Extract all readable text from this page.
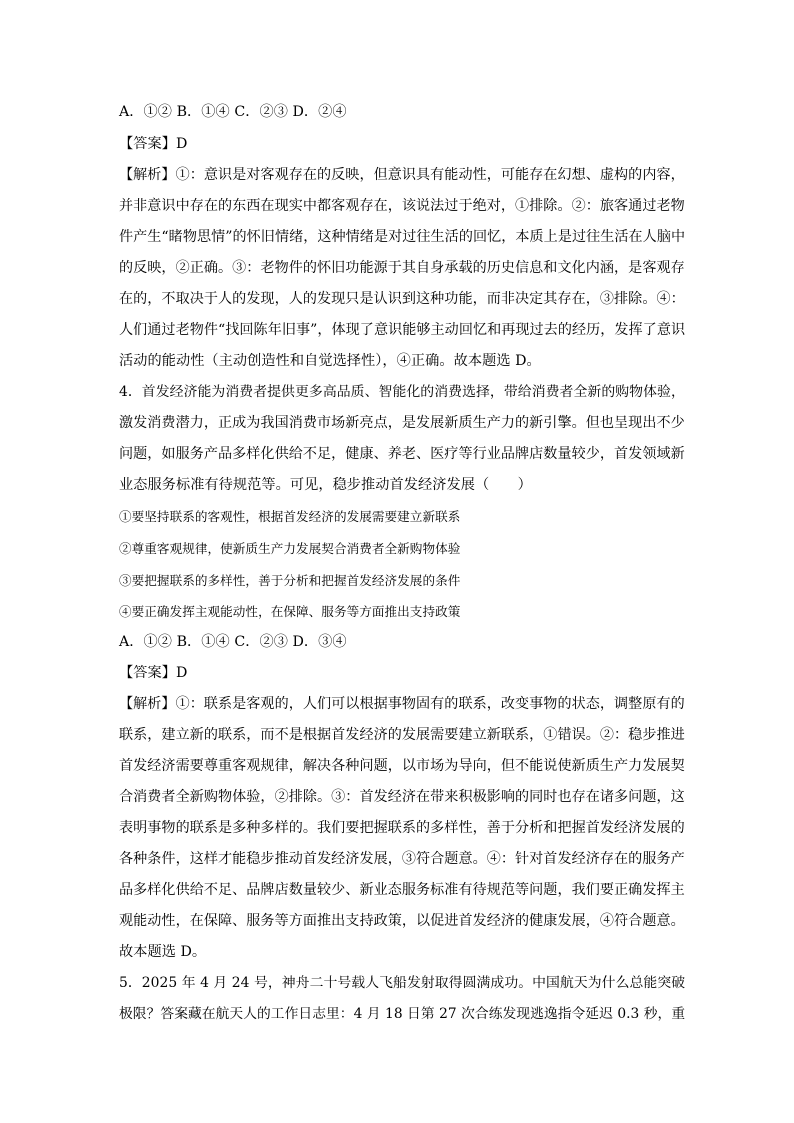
A．①② B．①④ C．②③ D．②④
【答案】D
【解析】①：意识是对客观存在的反映，但意识具有能动性，可能存在幻想、虚构的内容，
并非意识中存在的东西在现实中都客观存在，该说法过于绝对，①排除。②：旅客通过老物
件产生“睹物思情”的怀旧情绪，这种情绪是对过往生活的回忆，本质上是过往生活在人脑中
的反映，②正确。③：老物件的怀旧功能源于其自身承载的历史信息和文化内涵，是客观存
在的，不取决于人的发现，人的发现只是认识到这种功能，而非决定其存在，③排除。④：
人们通过老物件“找回陈年旧事”，体现了意识能够主动回忆和再现过去的经历，发挥了意识
活动的能动性（主动创造性和自觉选择性），④正确。故本题选 D。
4．首发经济能为消费者提供更多高品质、智能化的消费选择，带给消费者全新的购物体验，
激发消费潜力，正成为我国消费市场新亮点，是发展新质生产力的新引擎。但也呈现出不少
问题，如服务产品多样化供给不足，健康、养老、医疗等行业品牌店数量较少，首发领域新
业态服务标准有待规范等。可见，稳步推动首发经济发展（　　）
①要坚持联系的客观性，根据首发经济的发展需要建立新联系
②尊重客观规律，使新质生产力发展契合消费者全新购物体验
③要把握联系的多样性，善于分析和把握首发经济发展的条件
④要正确发挥主观能动性，在保障、服务等方面推出支持政策
A．①② B．①④ C．②③ D．③④
【答案】D
【解析】①：联系是客观的，人们可以根据事物固有的联系，改变事物的状态，调整原有的
联系，建立新的联系，而不是根据首发经济的发展需要建立新联系，①错误。②：稳步推进
首发经济需要尊重客观规律，解决各种问题，以市场为导向，但不能说使新质生产力发展契
合消费者全新购物体验，②排除。③：首发经济在带来积极影响的同时也存在诸多问题，这
表明事物的联系是多种多样的。我们要把握联系的多样性，善于分析和把握首发经济发展的
各种条件，这样才能稳步推动首发经济发展，③符合题意。④：针对首发经济存在的服务产
品多样化供给不足、品牌店数量较少、新业态服务标准有待规范等问题，我们要正确发挥主
观能动性，在保障、服务等方面推出支持政策，以促进首发经济的健康发展，④符合题意。
故本题选 D。
5．2025 年 4 月 24 号，神舟二十号载人飞船发射取得圆满成功。中国航天为什么总能突破
极限？答案藏在航天人的工作日志里：4 月 18 日第 27 次合练发现逃逸指令延迟 0.3 秒，重
